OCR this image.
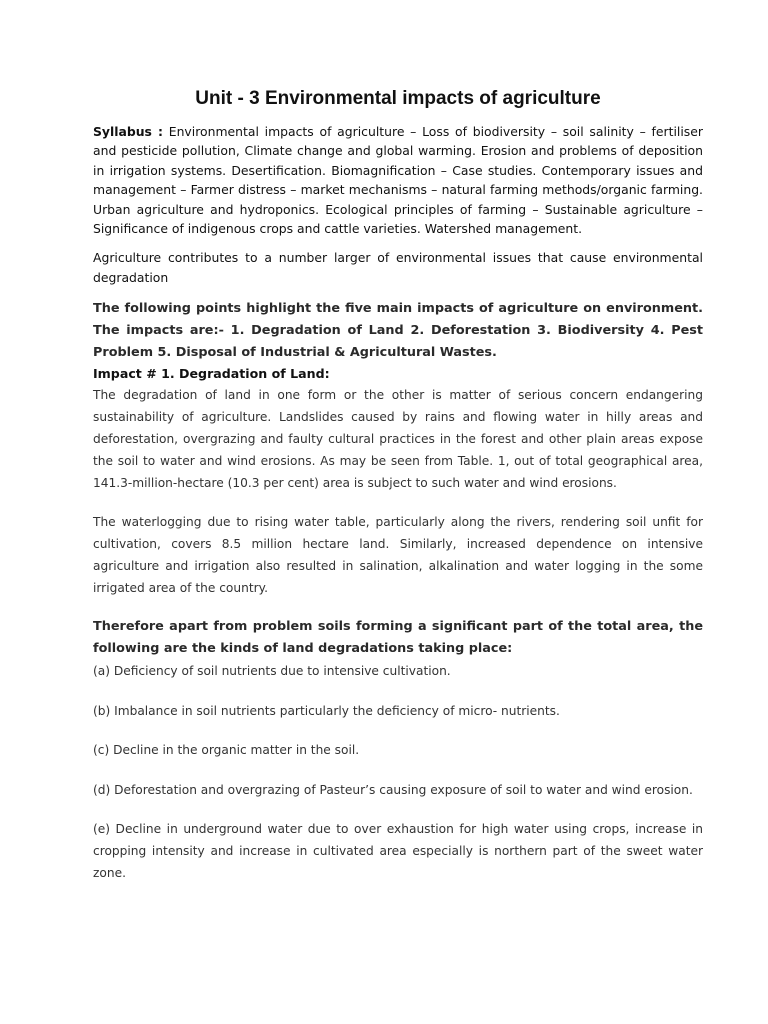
Unit - 3 Environmental impacts of agriculture

Syllabus : Environmental impacts of agriculture – Loss of biodiversity – soil salinity – fertiliser and pesticide pollution, Climate change and global warming. Erosion and problems of deposition in irrigation systems. Desertification. Biomagnification – Case studies. Contemporary issues and management – Farmer distress – market mechanisms – natural farming methods/organic farming. Urban agriculture and hydroponics. Ecological principles of farming – Sustainable agriculture – Significance of indigenous crops and cattle varieties. Watershed management.

Agriculture contributes to a number larger of environmental issues that cause environmental degradation

The following points highlight the five main impacts of agriculture on environment. The impacts are:- 1. Degradation of Land 2. Deforestation 3. Biodiversity 4. Pest Problem 5. Disposal of Industrial & Agricultural Wastes.

Impact # 1. Degradation of Land:

The degradation of land in one form or the other is matter of serious concern endangering sustainability of agriculture. Landslides caused by rains and flowing water in hilly areas and deforestation, overgrazing and faulty cultural practices in the forest and other plain areas expose the soil to water and wind erosions. As may be seen from Table. 1, out of total geographical area, 141.3-million-hectare (10.3 per cent) area is subject to such water and wind erosions.

The waterlogging due to rising water table, particularly along the rivers, rendering soil unfit for cultivation, covers 8.5 million hectare land. Similarly, increased dependence on intensive agriculture and irrigation also resulted in salination, alkalination and water logging in the some irrigated area of the country.

Therefore apart from problem soils forming a significant part of the total area, the following are the kinds of land degradations taking place:

(a) Deficiency of soil nutrients due to intensive cultivation.

(b) Imbalance in soil nutrients particularly the deficiency of micro- nutrients.

(c) Decline in the organic matter in the soil.

(d) Deforestation and overgrazing of Pasteur’s causing exposure of soil to water and wind erosion.

(e) Decline in underground water due to over exhaustion for high water using crops, increase in cropping intensity and increase in cultivated area especially is northern part of the sweet water zone.
